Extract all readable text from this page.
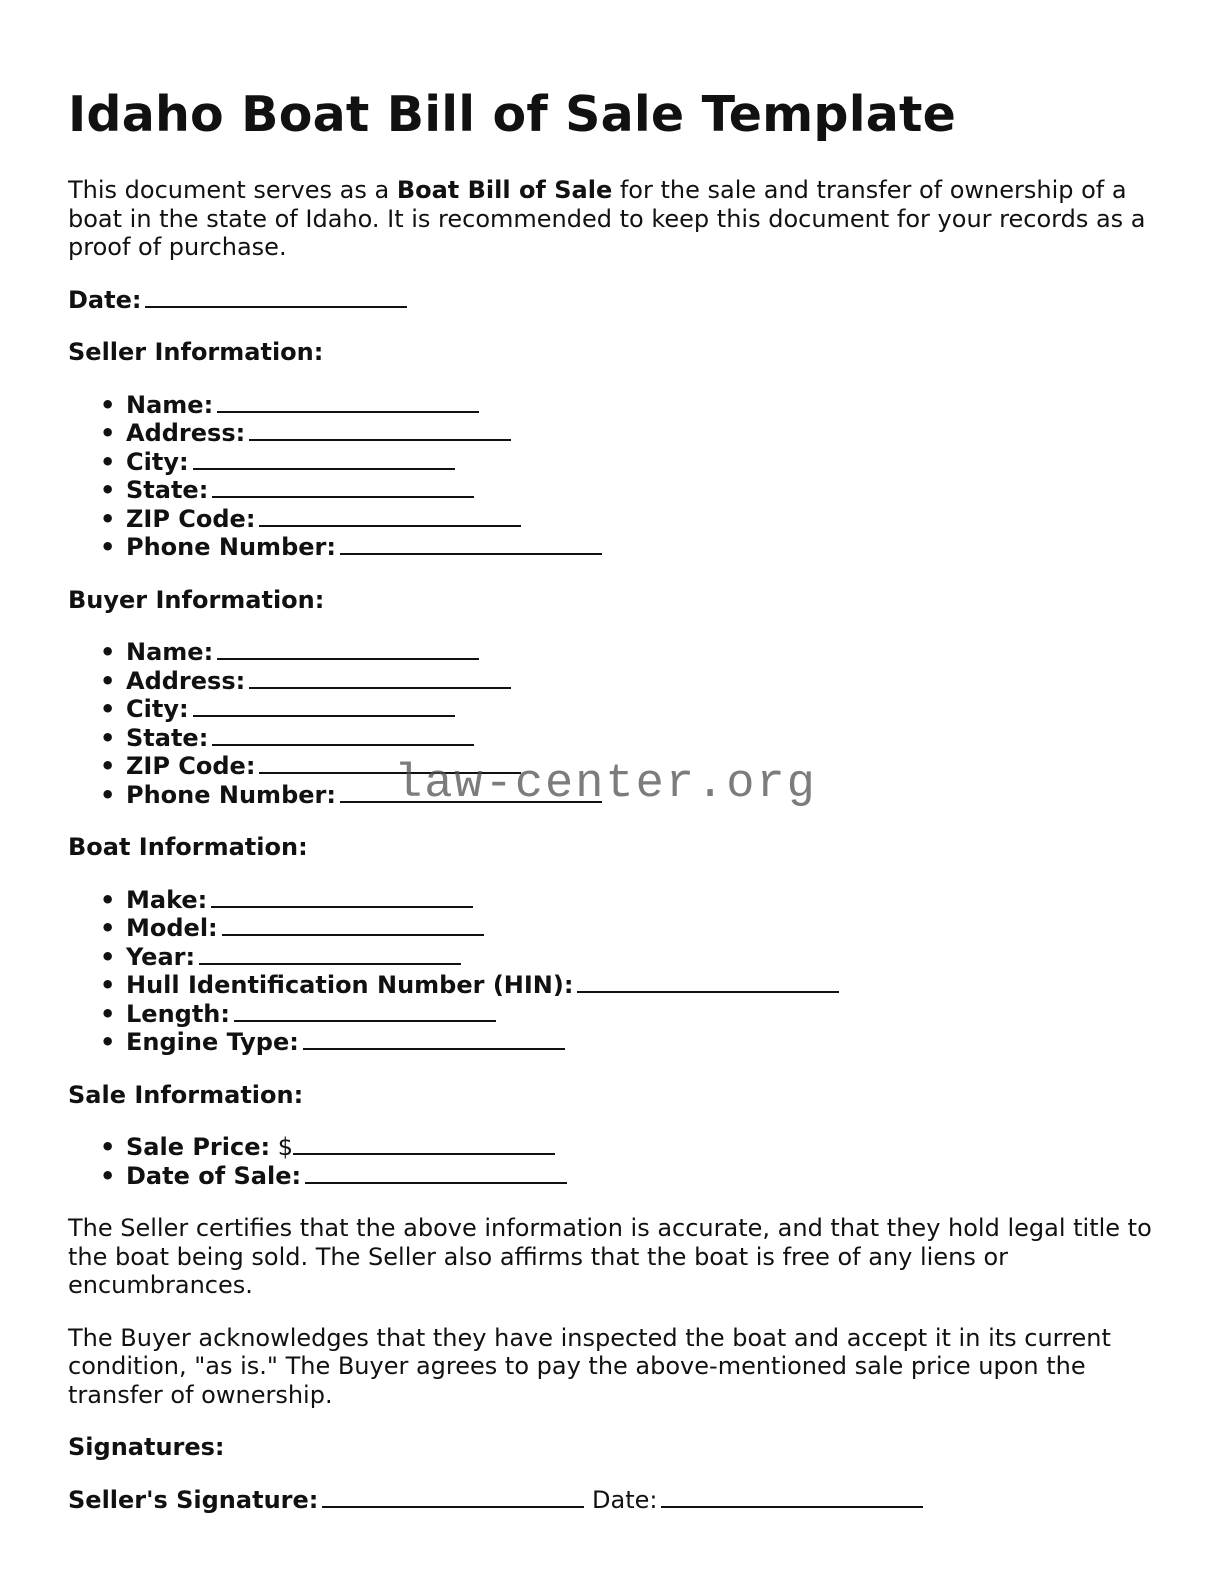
Idaho Boat Bill of Sale Template

This document serves as a Boat Bill of Sale for the sale and transfer of ownership of a boat in the state of Idaho. It is recommended to keep this document for your records as a proof of purchase.

Date:
Seller Information:
• Name:
• Address:
• City:
• State:
• ZIP Code:
• Phone Number:
Buyer Information:
• Name:
• Address:
• City:
• State:
• ZIP Code:
• Phone Number:
Boat Information:
• Make:
• Model:
• Year:
• Hull Identification Number (HIN):
• Length:
• Engine Type:
Sale Information:
• Sale Price: $
• Date of Sale:

The Seller certifies that the above information is accurate, and that they hold legal title to the boat being sold. The Seller also affirms that the boat is free of any liens or encumbrances.

The Buyer acknowledges that they have inspected the boat and accept it in its current condition, "as is." The Buyer agrees to pay the above-mentioned sale price upon the transfer of ownership.

Signatures:
Seller's Signature:	Date:
law-center.org
